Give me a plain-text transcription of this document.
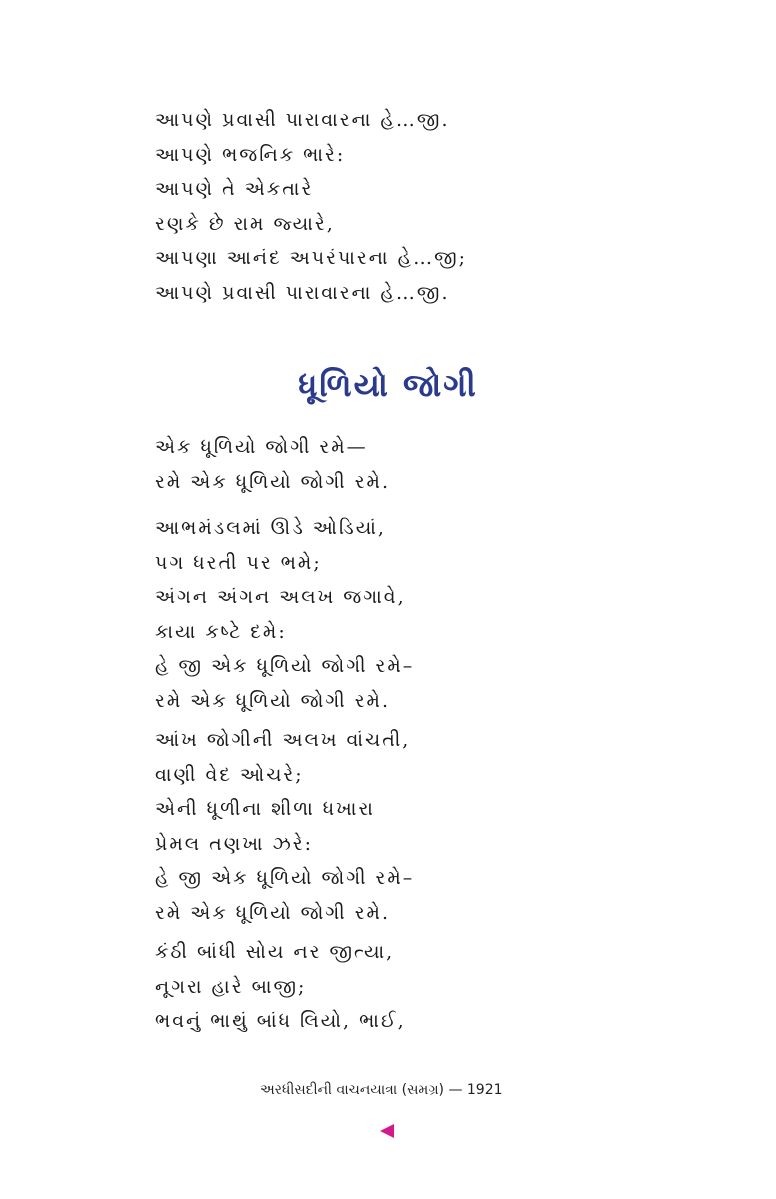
આપણે પ્રવાસી પારાવારના હે…જી.
આપણે ભજનિક ભારે:
આપણે તે એકતારે
રણકે છે રામ જ્યારે,
આપણા આનંદ અપરંપારના હે…જી;
આપણે પ્રવાસી પારાવારના હે…જી.
ધૂળિયો જોગી
એક ધૂળિયો જોગી રમે—
રમે એક ધૂળિયો જોગી રમે.
આભમંડલમાં ઊડે ઓડિયાં,
પગ ધરતી પર ભમે;
અંગન અંગન અલખ જગાવે,
કાયા કષ્ટે દમે:
હે જી એક ધૂળિયો જોગી રમે–
રમે એક ધૂળિયો જોગી રમે.
આંખ જોગીની અલખ વાંચતી,
વાણી વેદ ઓચરે;
એની ધૂળીના શીળા ધખારા
પ્રેમલ તણખા ઝરે:
હે જી એક ધૂળિયો જોગી રમે–
રમે એક ધૂળિયો જોગી રમે.
કંઠી બાંધી સોય નર જીત્યા,
નૂગરા હારે બાજી;
ભવનું ભાથું બાંધ લિયો, ભાઈ,
અરધીસદીની વાચનયાત્રા (સમગ્ર) — 1921
